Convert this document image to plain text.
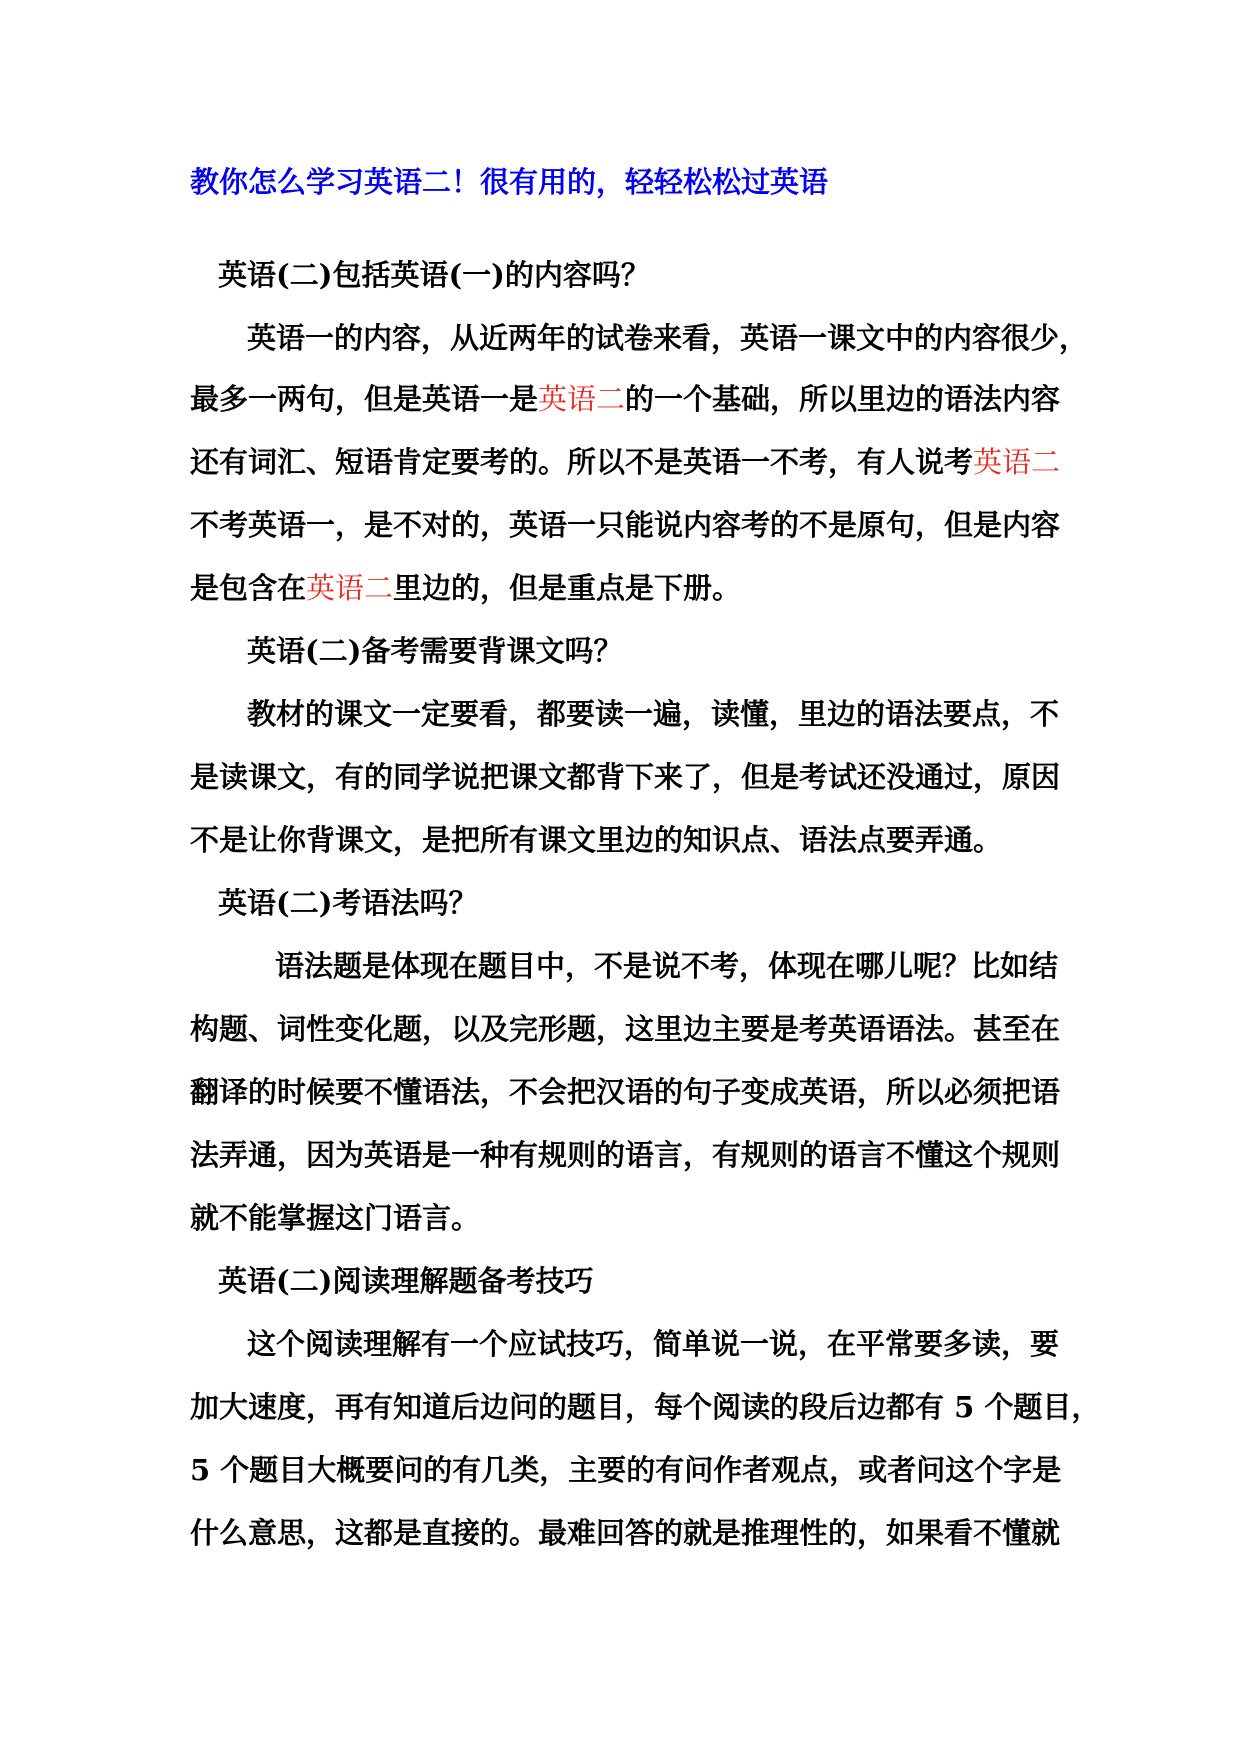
教你怎么学习英语二！很有用的，轻轻松松过英语

英语(二)包括英语(一)的内容吗？

英语一的内容，从近两年的试卷来看，英语一课文中的内容很少，

最多一两句，但是英语一是英语二的一个基础，所以里边的语法内容

还有词汇、短语肯定要考的。所以不是英语一不考，有人说考英语二

不考英语一，是不对的，英语一只能说内容考的不是原句，但是内容

是包含在英语二里边的，但是重点是下册。

英语(二)备考需要背课文吗？

教材的课文一定要看，都要读一遍，读懂，里边的语法要点，不

是读课文，有的同学说把课文都背下来了，但是考试还没通过，原因

不是让你背课文，是把所有课文里边的知识点、语法点要弄通。

英语(二)考语法吗？

语法题是体现在题目中，不是说不考，体现在哪儿呢？比如结

构题、词性变化题，以及完形题，这里边主要是考英语语法。甚至在

翻译的时候要不懂语法，不会把汉语的句子变成英语，所以必须把语

法弄通，因为英语是一种有规则的语言，有规则的语言不懂这个规则

就不能掌握这门语言。

英语(二)阅读理解题备考技巧

这个阅读理解有一个应试技巧，简单说一说，在平常要多读，要

加大速度，再有知道后边问的题目，每个阅读的段后边都有 5 个题目，

5 个题目大概要问的有几类，主要的有问作者观点，或者问这个字是

什么意思，这都是直接的。最难回答的就是推理性的，如果看不懂就
